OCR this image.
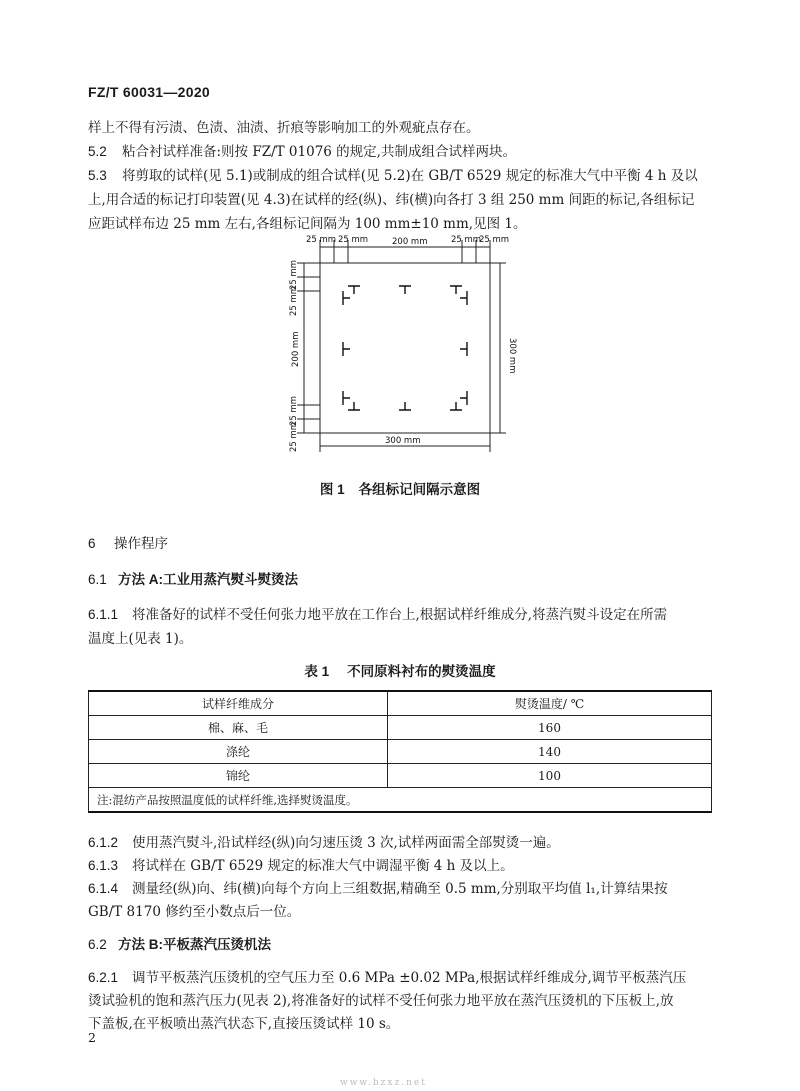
FZ/T 60031—2020
样上不得有污渍、色渍、油渍、折痕等影响加工的外观疵点存在。
5.2 粘合衬试样准备:则按 FZ/T 01076 的规定,共制成组合试样两块。
5.3 将剪取的试样(见 5.1)或制成的组合试样(见 5.2)在 GB/T 6529 规定的标准大气中平衡 4 h 及以
上,用合适的标记打印装置(见 4.3)在试样的经(纵)、纬(横)向各打 3 组 250 mm 间距的标记,各组标记
应距试样布边 25 mm 左右,各组标记间隔为 100 mm±10 mm,见图 1。
25 mm 25 mm	200 mm	25 mm
25 mm
25 mm
25 mm
200 mm
25 mm
25 mm
300 mm
300 mm
图 1 各组标记间隔示意图
6 操作程序
6.1 方法 A:工业用蒸汽熨斗熨烫法
6.1.1 将准备好的试样不受任何张力地平放在工作台上,根据试样纤维成分,将蒸汽熨斗设定在所需
温度上(见表 1)。
表 1 不同原料衬布的熨烫温度
试样纤维成分	熨烫温度/ ℃
棉、麻、毛	160
涤纶	140
锦纶	100
注:混纺产品按照温度低的试样纤维,选择熨烫温度。	
6.1.2 使用蒸汽熨斗,沿试样经(纵)向匀速压烫 3 次,试样两面需全部熨烫一遍。
6.1.3 将试样在 GB/T 6529 规定的标准大气中调湿平衡 4 h 及以上。
6.1.4 测量经(纵)向、纬(横)向每个方向上三组数据,精确至 0.5 mm,分别取平均值 l₁,计算结果按
GB/T 8170 修约至小数点后一位。
6.2 方法 B:平板蒸汽压烫机法
6.2.1 调节平板蒸汽压烫机的空气压力至 0.6 MPa ±0.02 MPa,根据试样纤维成分,调节平板蒸汽压
烫试验机的饱和蒸汽压力(见表 2),将准备好的试样不受任何张力地平放在蒸汽压烫机的下压板上,放
下盖板,在平板喷出蒸汽状态下,直接压烫试样 10 s。
2
www.bzxz.net
